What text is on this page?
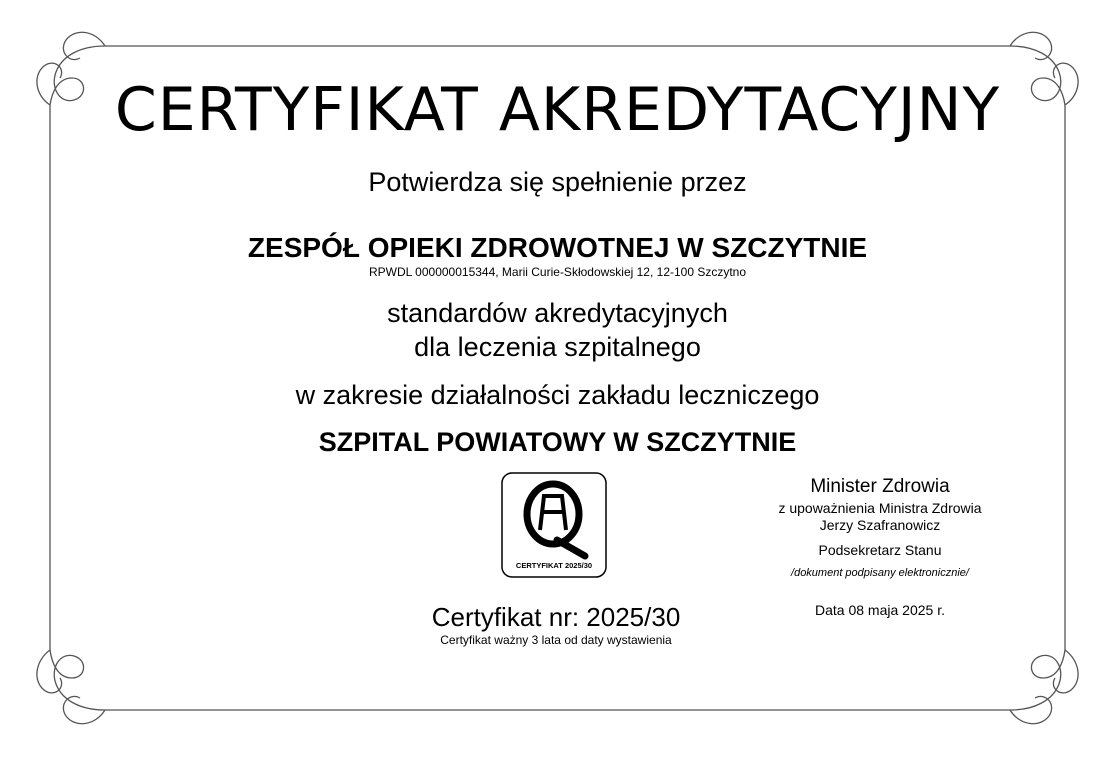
CERTYFIKAT AKREDYTACYJNY
Potwierdza się spełnienie przez
ZESPÓŁ OPIEKI ZDROWOTNEJ W SZCZYTNIE
RPWDL 000000015344, Marii Curie-Skłodowskiej 12, 12-100 Szczytno
standardów akredytacyjnych
dla leczenia szpitalnego
w zakresie działalności zakładu leczniczego
SZPITAL POWIATOWY W SZCZYTNIE
CERTYFIKAT 2025/30
Certyfikat nr: 2025/30
Certyfikat ważny 3 lata od daty wystawienia
Minister Zdrowia
z upoważnienia Ministra Zdrowia
Jerzy Szafranowicz
Podsekretarz Stanu
/dokument podpisany elektronicznie/
Data 08 maja 2025 r.
